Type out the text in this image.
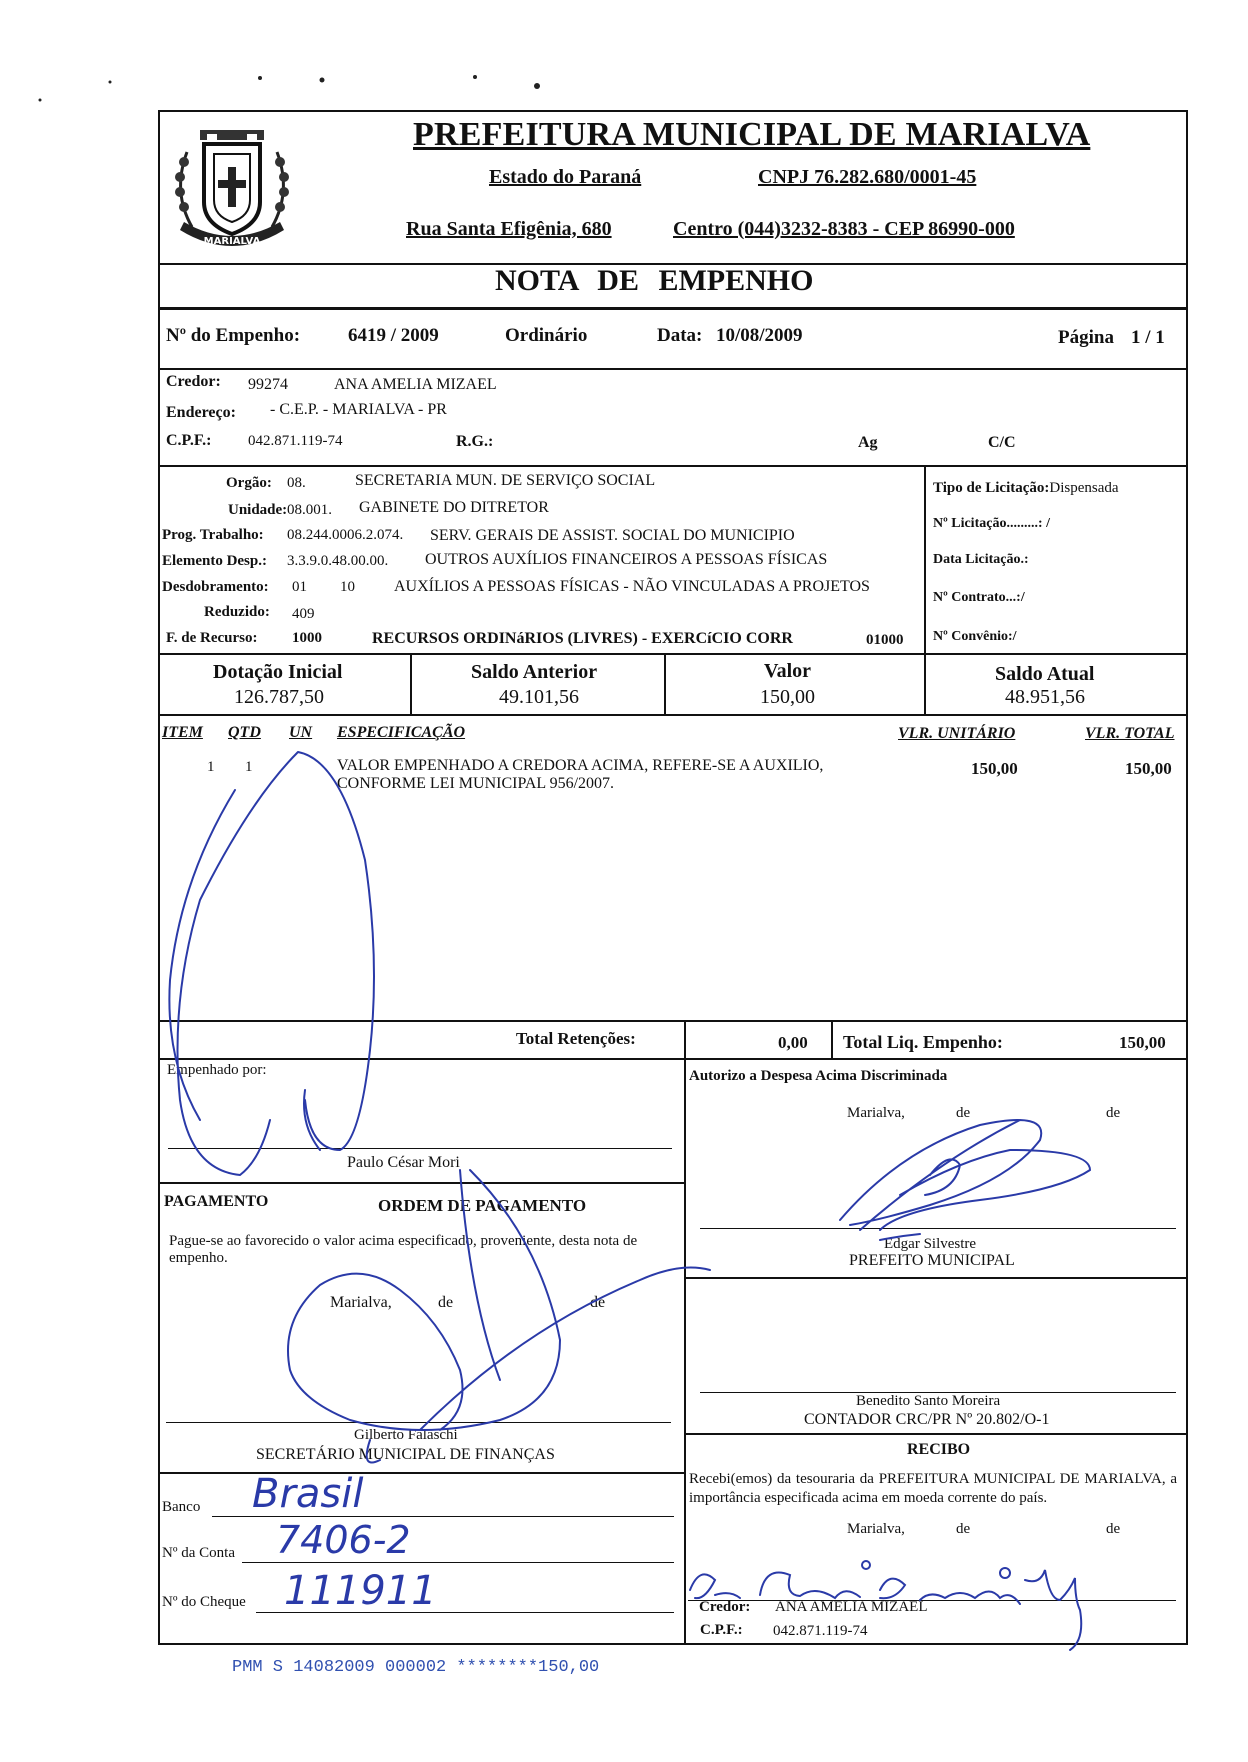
MARIALVA
PREFEITURA MUNICIPAL DE MARIALVA
Estado do Paraná	CNPJ 76.282.680/0001-45
Rua Santa Efigênia, 680	Centro (044)3232-8383 - CEP 86990-000
NOTA DE EMPENHO
Nº do Empenho:	6419 / 2009	Ordinário	Data: 10/08/2009	Página 1 / 1
Credor: 99274	ANA AMELIA MIZAEL
Endereço: - C.E.P. - MARIALVA - PR
C.P.F.: 042.871.119-74	R.G.:	Ag	C/C
Orgão: 08.	SECRETARIA MUN. DE SERVIÇO SOCIAL
Unidade: 08.001. GABINETE DO DITRETOR
Prog. Trabalho: 08.244.0006.2.074. SERV. GERAIS DE ASSIST. SOCIAL DO MUNICIPIO
Elemento Desp.: 3.3.9.0.48.00.00. OUTROS AUXÍLIOS FINANCEIROS A PESSOAS FÍSICAS
Desdobramento: 01 10 AUXÍLIOS A PESSOAS FÍSICAS - NÃO VINCULADAS A PROJETOS
Reduzido: 409
F. de Recurso: 1000	RECURSOS ORDINáRIOS (LIVRES) - EXERCíCIO CORR	01000
Tipo de Licitação:Dispensada
Nº Licitação.........: /
Data Licitação.:
Nº Contrato...:/
Nº Convênio:/
Dotação Inicial
126.787,50
Saldo Anterior
49.101,56
Valor
150,00
Saldo Atual
48.951,56
ITEM QTD UN ESPECIFICAÇÃO	VLR. UNITÁRIO	VLR. TOTAL
1 1	VALOR EMPENHADO A CREDORA ACIMA, REFERE-SE A AUXILIO,
CONFORME LEI MUNICIPAL 956/2007.
150,00	150,00
Total Retenções:	0,00 Total Liq. Empenho:	150,00
Empenhado por:
Paulo César Mori
PAGAMENTO	ORDEM DE PAGAMENTO
Pague-se ao favorecido o valor acima especificado, proveniente, desta nota de empenho.
Marialva,	de	de
Gilberto Falaschi
SECRETÁRIO MUNICIPAL DE FINANÇAS
Banco Brasil
Nº da Conta 7406-2
Nº do Cheque 111911
Autorizo a Despesa Acima Discriminada
Marialva,	de	de
Edgar Silvestre
PREFEITO MUNICIPAL
Benedito Santo Moreira
CONTADOR CRC/PR Nº 20.802/O-1
RECIBO
Recebi(emos) da tesouraria da PREFEITURA MUNICIPAL DE MARIALVA, a importância especificada acima em moeda corrente do país.
Marialva,	de	de
Credor: ANA AMELIA MIZAEL
C.P.F.: 042.871.119-74
PMM S 14082009 000002 ********150,00
